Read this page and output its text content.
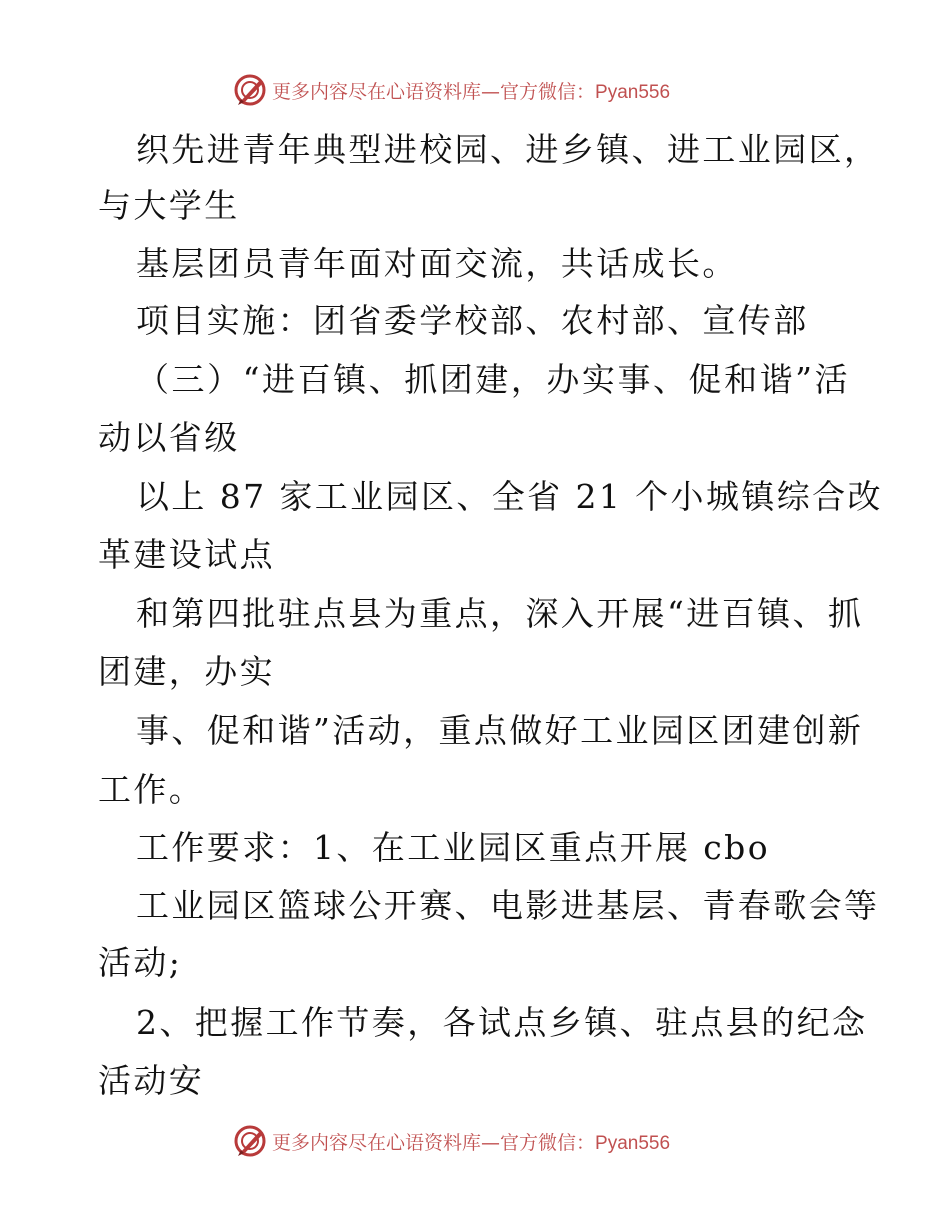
更多内容尽在心语资料库—官方微信：Pyan556
织先进青年典型进校园、进乡镇、进工业园区，
与大学生
基层团员青年面对面交流，共话成长。
项目实施：团省委学校部、农村部、宣传部
（三）“进百镇、抓团建，办实事、促和谐”活
动以省级
以上 87 家工业园区、全省 21 个小城镇综合改
革建设试点
和第四批驻点县为重点，深入开展“进百镇、抓
团建，办实
事、促和谐”活动，重点做好工业园区团建创新
工作。
工作要求：1、在工业园区重点开展 cbo
工业园区篮球公开赛、电影进基层、青春歌会等
活动;
2、把握工作节奏，各试点乡镇、驻点县的纪念
活动安
更多内容尽在心语资料库—官方微信：Pyan556
